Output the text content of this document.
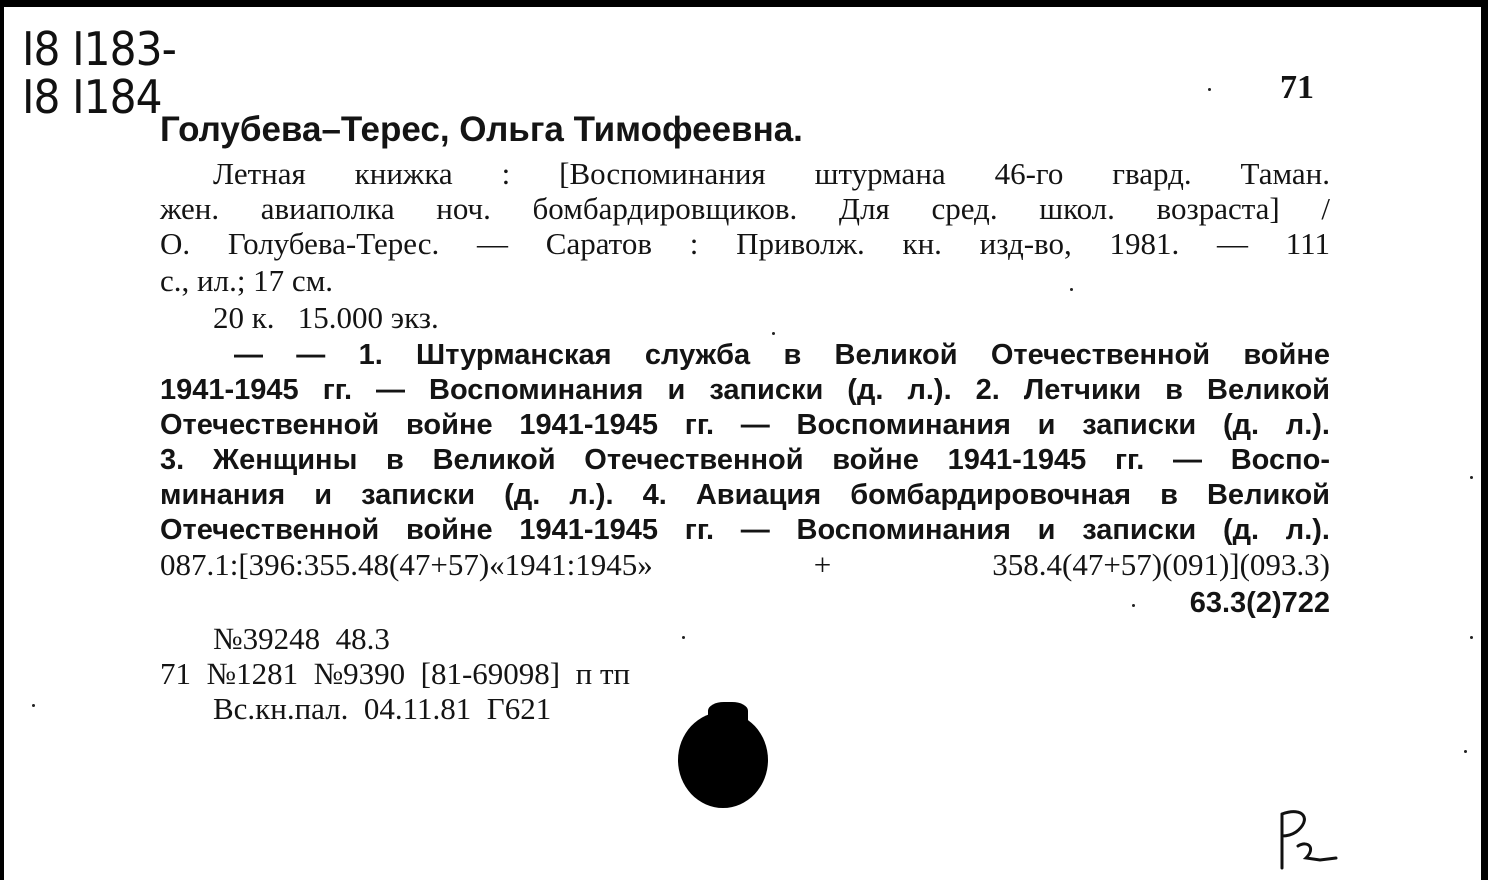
I8 I183-
I8 I184	71
Голубева–Терес, Ольга Тимофеевна.
Летная книжка : [Воспоминания штурмана 46-го гвард. Таман.
жен. авиаполка ноч. бомбардировщиков. Для сред. школ. возраста] /
О. Голубева-Терес. — Саратов : Приволж. кн. изд-во, 1981. — 111
с., ил.; 17 см.
20 к.   15.000 экз.
— — 1. Штурманская служба в Великой Отечественной войне
1941-1945 гг. — Воспоминания и записки (д. л.). 2. Летчики в Великой
Отечественной войне 1941-1945 гг. — Воспоминания и записки (д. л.).
3. Женщины в Великой Отечественной войне 1941-1945 гг. — Воспо-
минания и записки (д. л.). 4. Авиация бомбардировочная в Великой
Отечественной войне 1941-1945 гг. — Воспоминания и записки (д. л.).
087.1:[396:355.48(47+57)«1941:1945» + 358.4(47+57)(091)](093.3)
63.3(2)722
№39248  48.3
71  №1281  №9390  [81-69098]  п тп
Вс.кн.пал.  04.11.81  Г621
